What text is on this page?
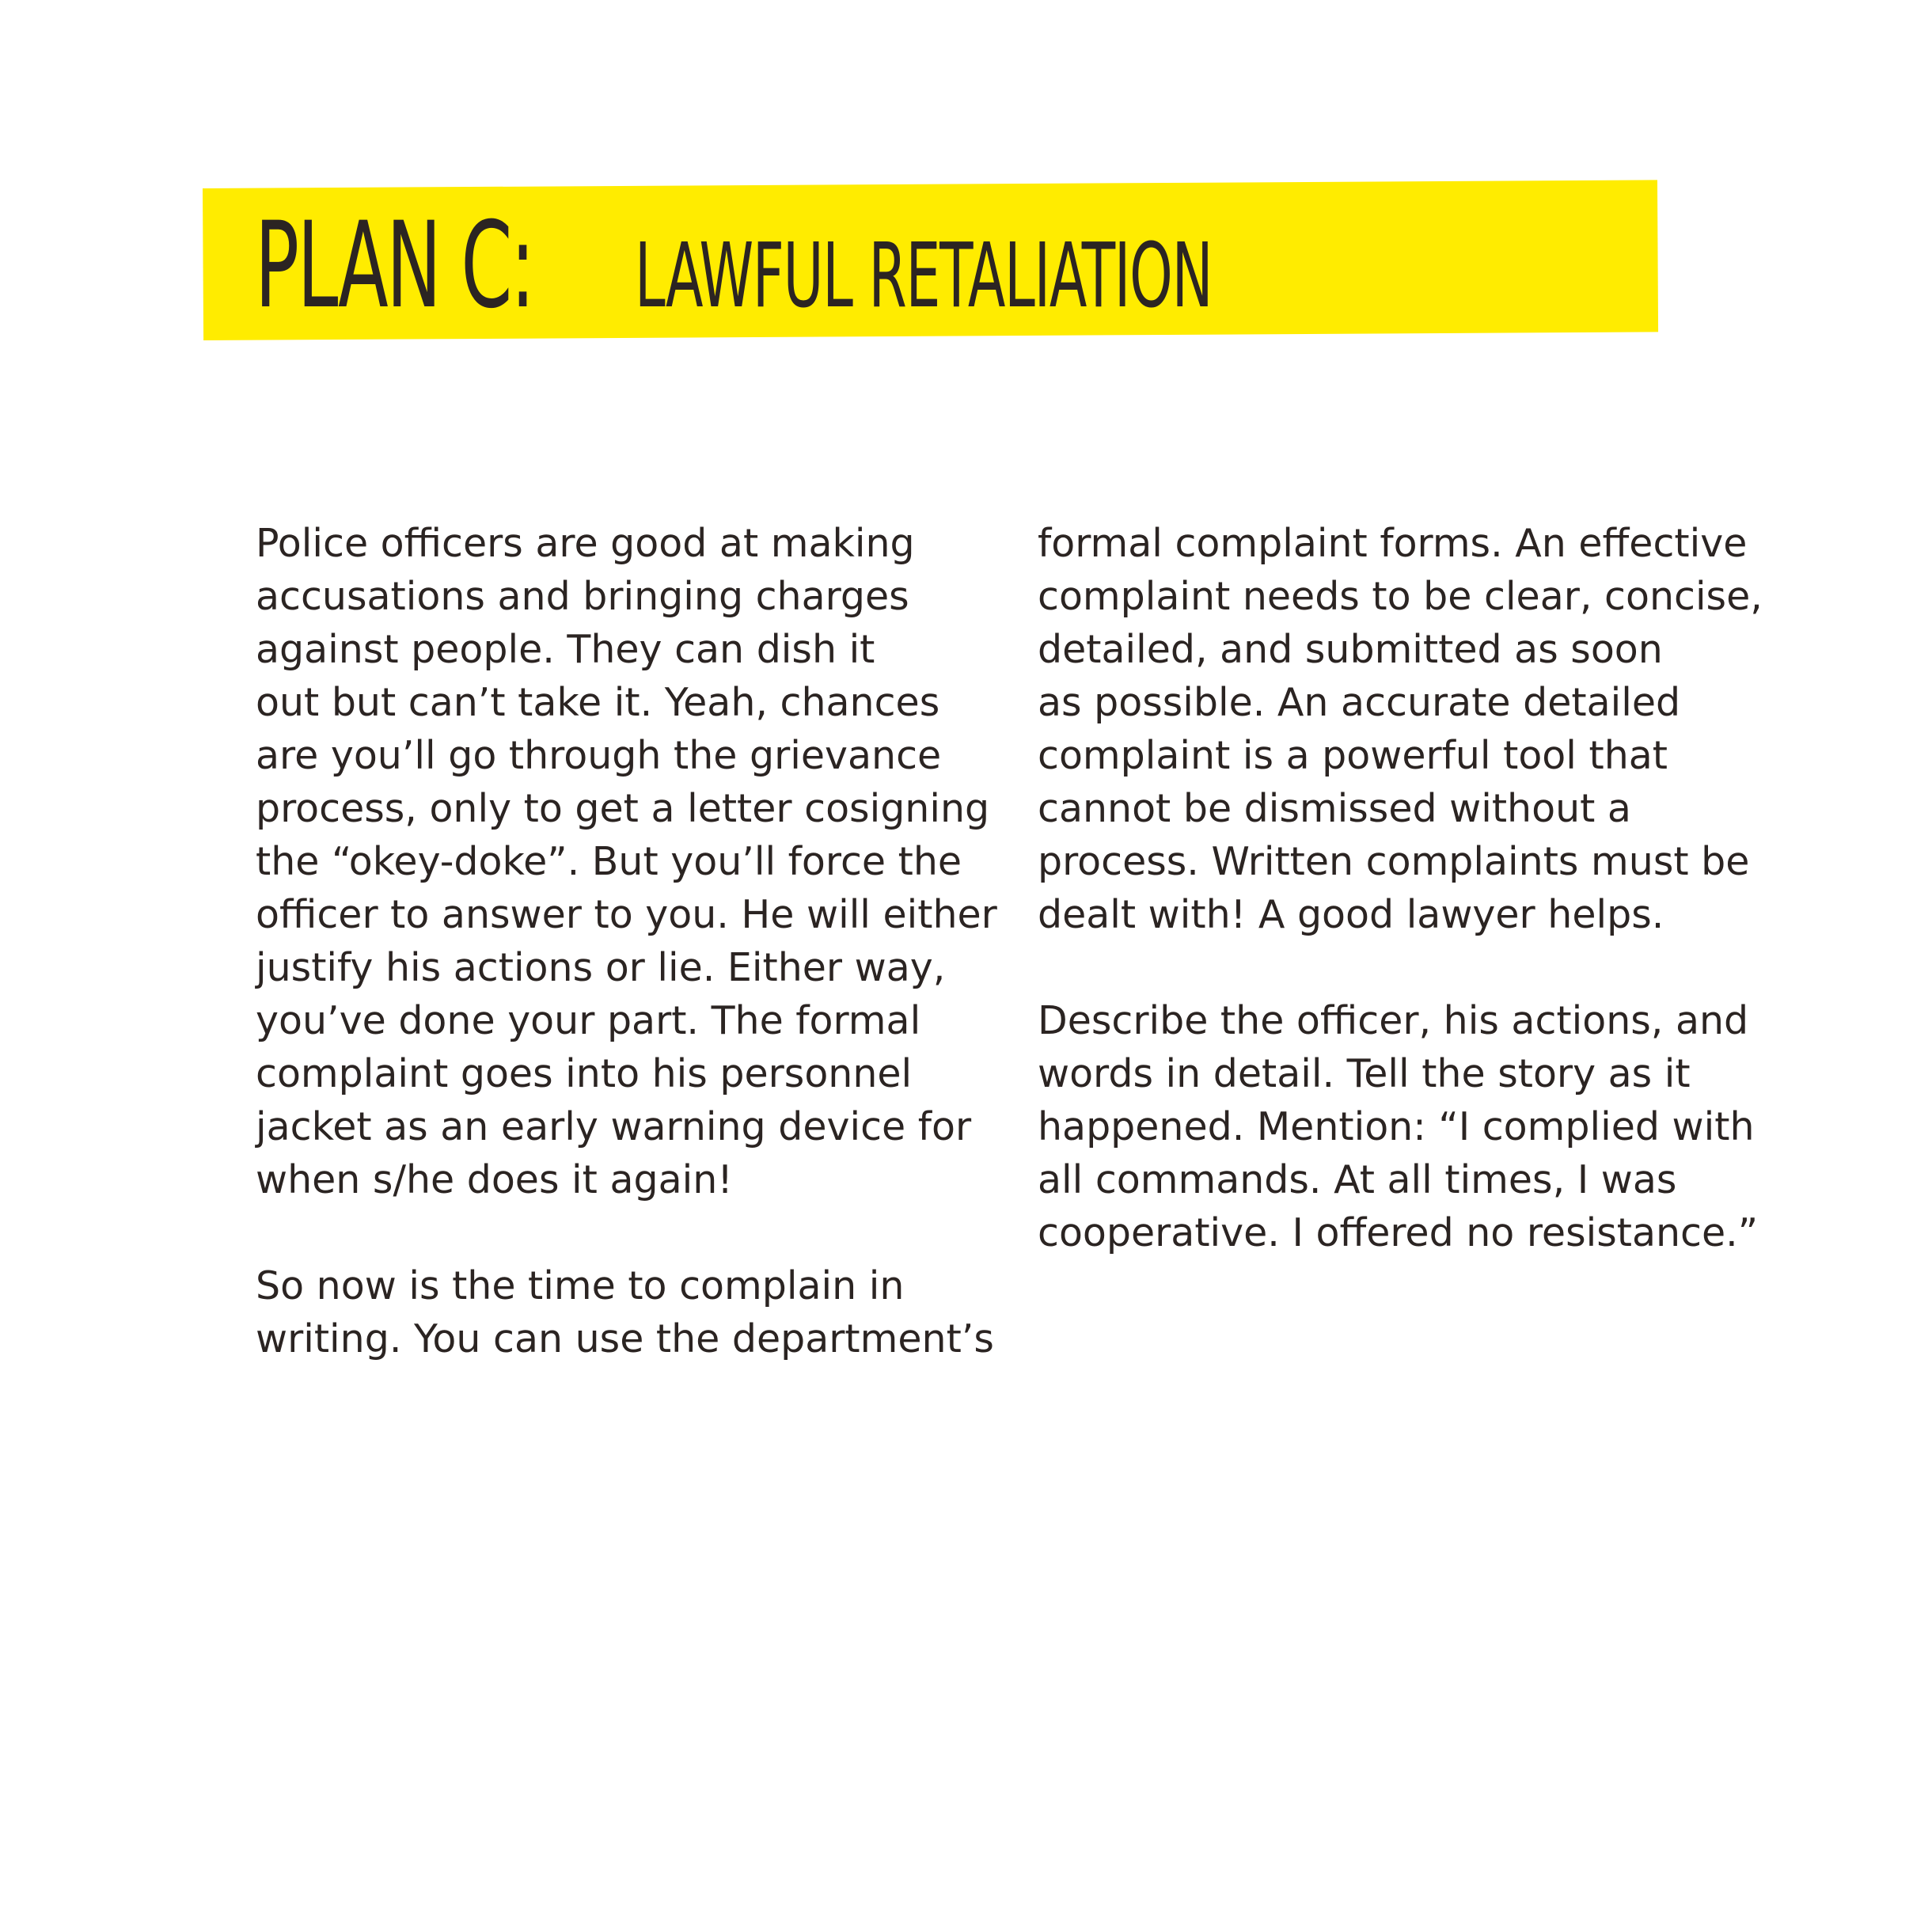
PLAN C: LAWFUL RETALIATION
Police officers are good at making
accusations and bringing charges
against people. They can dish it
out but can’t take it. Yeah, chances
are you’ll go through the grievance
process, only to get a letter cosigning
the “okey-doke”. But you’ll force the
officer to answer to you. He will either
justify his actions or lie. Either way,
you’ve done your part. The formal
complaint goes into his personnel
jacket as an early warning device for
when s/he does it again!
So now is the time to complain in
writing. You can use the department’s
formal complaint forms. An effective
complaint needs to be clear, concise,
detailed, and submitted as soon
as possible. An accurate detailed
complaint is a powerful tool that
cannot be dismissed without a
process. Written complaints must be
dealt with! A good lawyer helps.
Describe the officer, his actions, and
words in detail. Tell the story as it
happened. Mention: “I complied with
all commands. At all times, I was
cooperative. I offered no resistance.”
